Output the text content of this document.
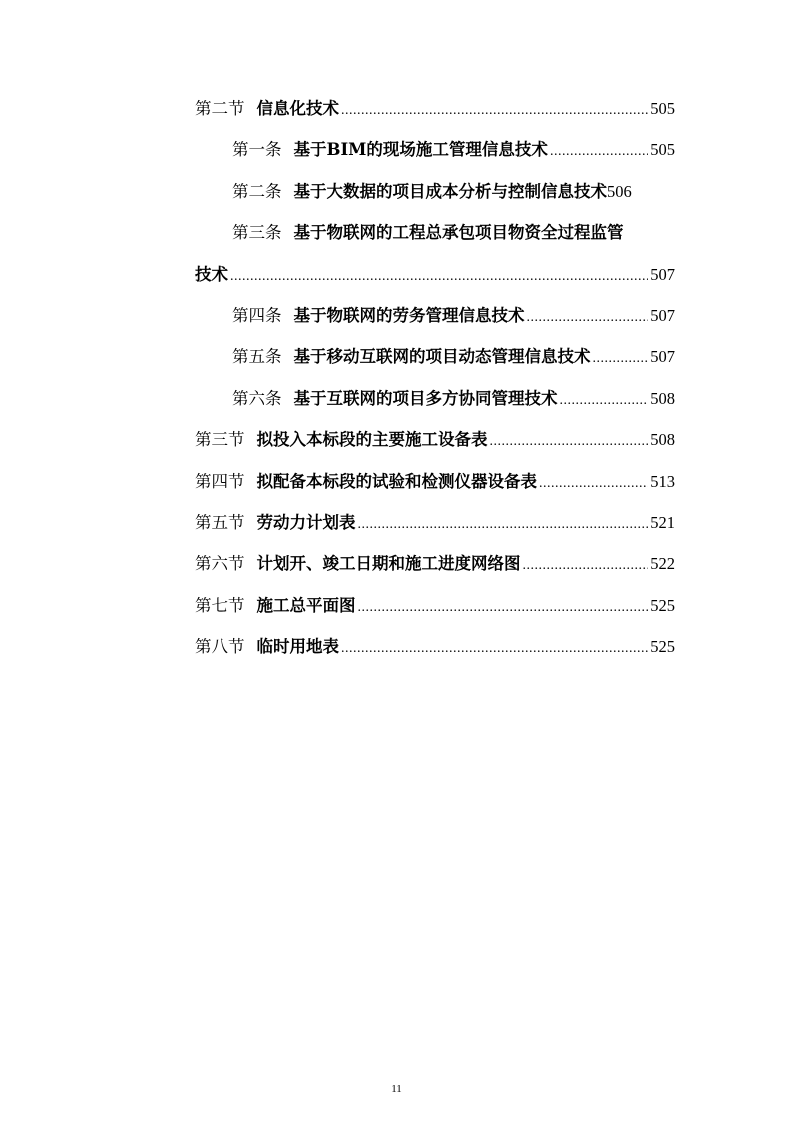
第二节 信息化技术 .....	505
第一条 基于BIM的现场施工管理信息技术 .....	505
第二条 基于大数据的项目成本分析与控制信息技术 506
第三条 基于物联网的工程总承包项目物资全过程监管
技术 .....	507
第四条 基于物联网的劳务管理信息技术 .....	507
第五条 基于移动互联网的项目动态管理信息技术 .....	507
第六条 基于互联网的项目多方协同管理技术 .....	508
第三节 拟投入本标段的主要施工设备表 .....	508
第四节 拟配备本标段的试验和检测仪器设备表 .....	513
第五节 劳动力计划表 .....	521
第六节 计划开、竣工日期和施工进度网络图 .....	522
第七节 施工总平面图 .....	525
第八节 临时用地表 .....	525
11
